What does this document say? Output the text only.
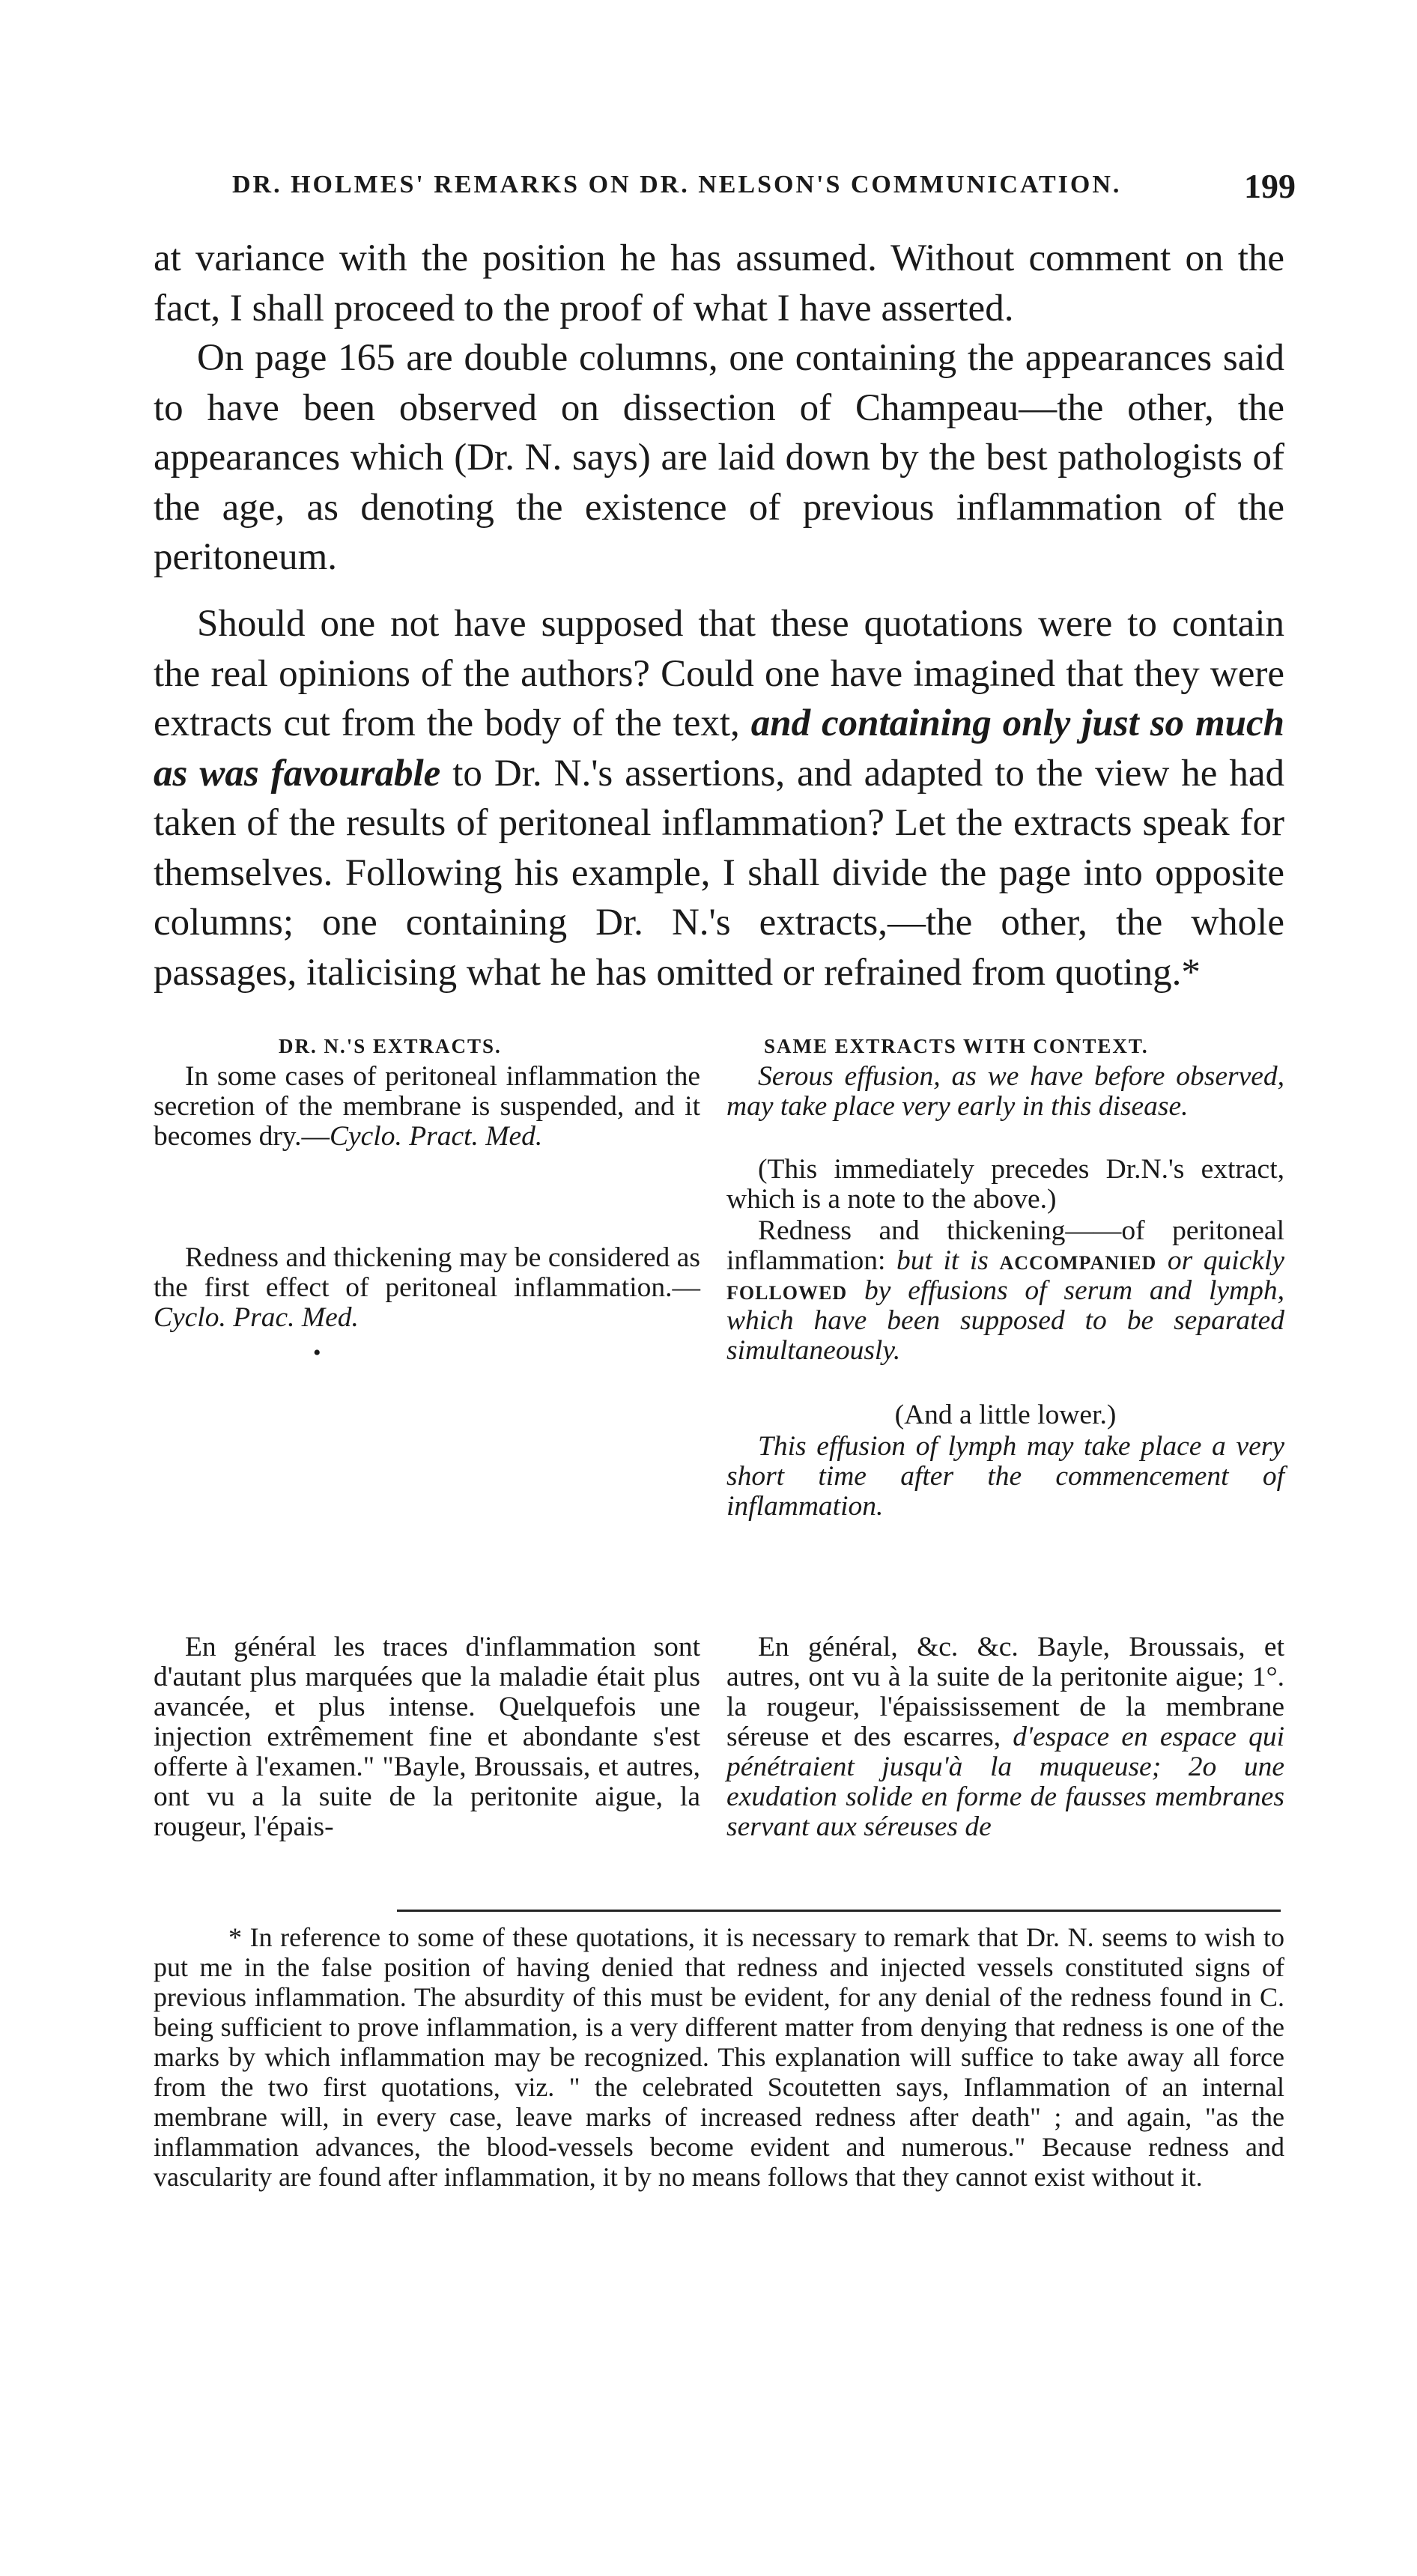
DR. HOLMES' REMARKS ON DR. NELSON'S COMMUNICATION.	199

at variance with the position he has assumed. Without comment on the fact, I shall proceed to the proof of what I have asserted.

On page 165 are double columns, one containing the appearances said to have been observed on dissection of Champeau—the other, the appearances which (Dr. N. says) are laid down by the best pathologists of the age, as denoting the existence of previous inflammation of the peritoneum.

Should one not have supposed that these quotations were to contain the real opinions of the authors? Could one have imagined that they were extracts cut from the body of the text, and containing only just so much as was favourable to Dr. N.'s assertions, and adapted to the view he had taken of the results of peritoneal inflammation? Let the extracts speak for themselves. Following his example, I shall divide the page into opposite columns; one containing Dr. N.'s extracts,—the other, the whole passages, italicising what he has omitted or refrained from quoting.*

DR. N.'S EXTRACTS.	SAME EXTRACTS WITH CONTEXT.

In some cases of peritoneal inflammation the secretion of the membrane is suspended, and it becomes dry.—Cyclo. Pract. Med.

Redness and thickening may be considered as the first effect of peritoneal inflammation.—Cyclo. Prac. Med.

•

En général les traces d'inflammation sont d'autant plus marquées que la maladie était plus avancée, et plus intense. Quelquefois une injection extrêmement fine et abondante s'est offerte à l'examen." "Bayle, Broussais, et autres, ont vu a la suite de la peritonite aigue, la rougeur, l'épais-

Serous effusion, as we have before observed, may take place very early in this disease.

(This immediately precedes Dr.N.'s extract, which is a note to the above.)

Redness and thickening——of peritoneal inflammation: but it is accompanied or quickly followed by effusions of serum and lymph, which have been supposed to be separated simultaneously.

(And a little lower.)

This effusion of lymph may take place a very short time after the commencement of inflammation.

En général, &c. &c. Bayle, Broussais, et autres, ont vu à la suite de la peritonite aigue; 1°. la rougeur, l'épaississement de la membrane séreuse et des escarres, d'espace en espace qui pénétraient jusqu'à la muqueuse; 2o une exudation solide en forme de fausses membranes servant aux séreuses de

* In reference to some of these quotations, it is necessary to remark that Dr. N. seems to wish to put me in the false position of having denied that redness and injected vessels constituted signs of previous inflammation. The absurdity of this must be evident, for any denial of the redness found in C. being sufficient to prove inflammation, is a very different matter from denying that redness is one of the marks by which inflammation may be recognized. This explanation will suffice to take away all force from the two first quotations, viz. " the celebrated Scoutetten says, Inflammation of an internal membrane will, in every case, leave marks of increased redness after death" ; and again, "as the inflammation advances, the blood-vessels become evident and numerous." Because redness and vascularity are found after inflammation, it by no means follows that they cannot exist without it.
